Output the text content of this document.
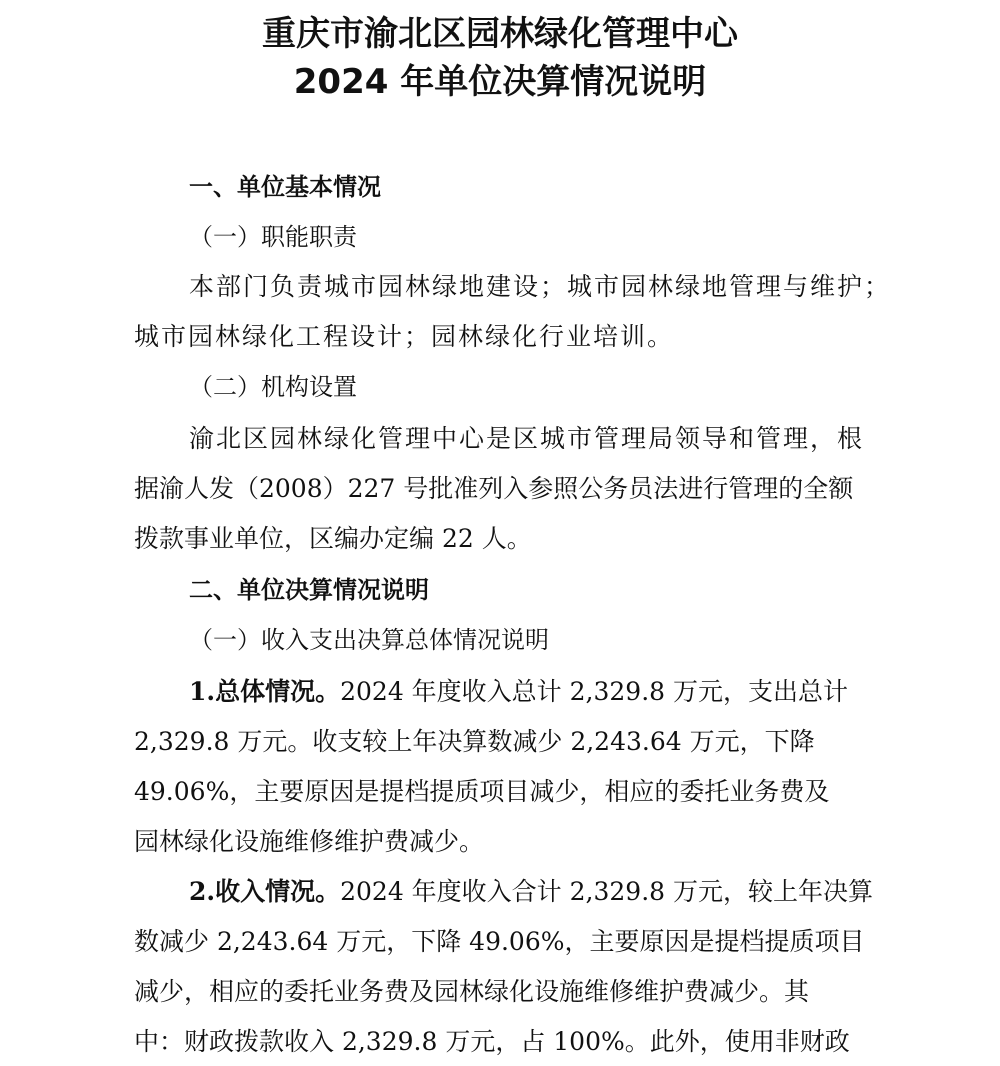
重庆市渝北区园林绿化管理中心
2024 年单位决算情况说明
一、单位基本情况
（一）职能职责
本部门负责城市园林绿地建设；城市园林绿地管理与维护；
城市园林绿化工程设计；园林绿化行业培训。
（二）机构设置
渝北区园林绿化管理中心是区城市管理局领导和管理，根
据渝人发（2008）227 号批准列入参照公务员法进行管理的全额
拨款事业单位，区编办定编 22 人。
二、单位决算情况说明
（一）收入支出决算总体情况说明
1.总体情况。2024 年度收入总计 2,329.8 万元，支出总计
2,329.8 万元。收支较上年决算数减少 2,243.64 万元，下降
49.06%，主要原因是提档提质项目减少，相应的委托业务费及
园林绿化设施维修维护费减少。
2.收入情况。2024 年度收入合计 2,329.8 万元，较上年决算
数减少 2,243.64 万元，下降 49.06%，主要原因是提档提质项目
减少，相应的委托业务费及园林绿化设施维修维护费减少。其
中：财政拨款收入 2,329.8 万元，占 100%。此外，使用非财政
